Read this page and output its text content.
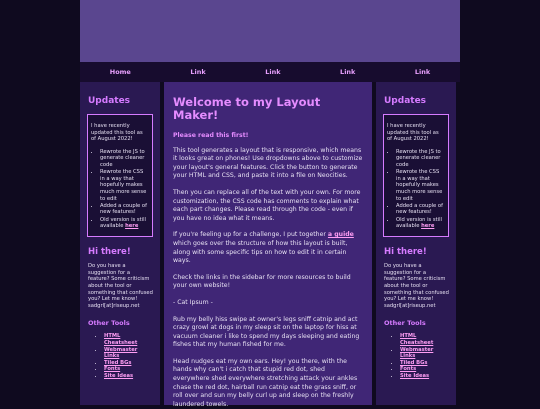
Home	Link	Link	Link	Link
Updates

I have recently updated this tool as of August 2022!

• Rewrote the JS to generate cleaner code
• Rewrote the CSS in a way that hopefully makes much more sense to edit
• Added a couple of new features!
• Old version is still available here
Hi there!

Do you have a suggestion for a feature? Some criticism about the tool or something that confused you? Let me know! sadgrl[at]riseup.net

Other Tools
• HTML Cheatsheet
• Webmaster Links
• Tiled BGs
• Fonts
• Site Ideas
Welcome to my Layout Maker!

Please read this first!

This tool generates a layout that is responsive, which means it looks great on phones! Use dropdowns above to customize your layout's general features. Click the button to generate your HTML and CSS, and paste it into a file on Neocities.

Then you can replace all of the text with your own. For more customization, the CSS code has comments to explain what each part changes. Please read through the code - even if you have no idea what it means.

If you're feeling up for a challenge, I put together a guide which goes over the structure of how this layout is built, along with some specific tips on how to edit it in certain ways.

Check the links in the sidebar for more resources to build your own website!

- Cat Ipsum -

Rub my belly hiss swipe at owner's legs sniff catnip and act crazy growl at dogs in my sleep sit on the laptop for hiss at vacuum cleaner i like to spend my days sleeping and eating fishes that my human fished for me.

Head nudges eat my own ears. Hey! you there, with the hands why can't i catch that stupid red dot, shed everywhere shed everywhere stretching attack your ankles chase the red dot, hairball run catnip eat the grass sniff, or roll over and sun my belly curl up and sleep on the freshly laundered towels.

Updates

I have recently updated this tool as of August 2022!

• Rewrote the JS to generate cleaner code
• Rewrote the CSS in a way that hopefully makes much more sense to edit
• Added a couple of new features!
• Old version is still available here
Hi there!

Do you have a suggestion for a feature? Some criticism about the tool or something that confused you? Let me know! sadgrl[at]riseup.net

Other Tools
• HTML Cheatsheet
• Webmaster Links
• Tiled BGs
• Fonts
• Site Ideas
